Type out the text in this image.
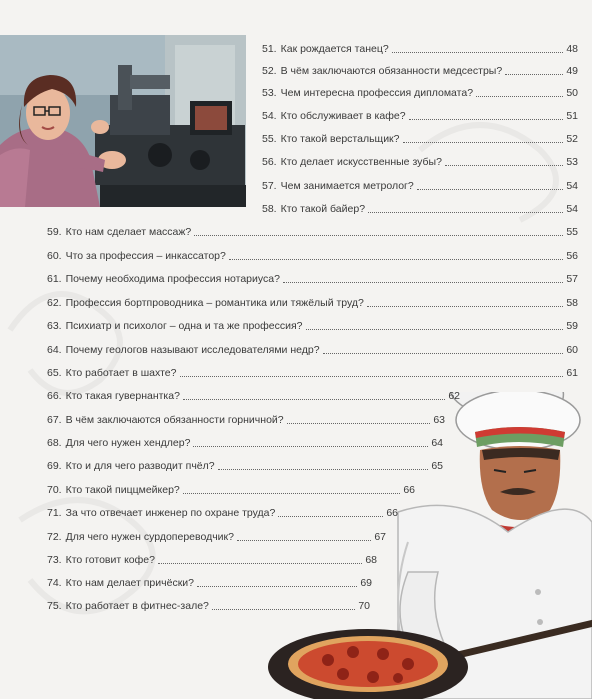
51. Как рождается танец?	48
52. В чём заключаются обязанности медсестры?	49
53. Чем интересна профессия дипломата?	50
54. Кто обслуживает в кафе?	51
55. Кто такой верстальщик?	52
56. Кто делает искусственные зубы?	53
57. Чем занимается метролог?	54
58. Кто такой байер?	54
59. Кто нам сделает массаж?	55
60. Что за профессия – инкассатор?	56
61. Почему необходима профессия нотариуса?	57
62. Профессия бортпроводника – романтика или тяжёлый труд?	58
63. Психиатр и психолог – одна и та же профессия?	59
64. Почему геологов называют исследователями недр?	60
65. Кто работает в шахте?	61
66. Кто такая гувернантка?	62
67. В чём заключаются обязанности горничной?	63
68. Для чего нужен хендлер?	64
69. Кто и для чего разводит пчёл?	65
70. Кто такой пиццмейкер?	66
71. За что отвечает инженер по охране труда?	66
72. Для чего нужен сурдопереводчик?	67
73. Кто готовит кофе?	68
74. Кто нам делает причёски?	69
75. Кто работает в фитнес-зале?	70
